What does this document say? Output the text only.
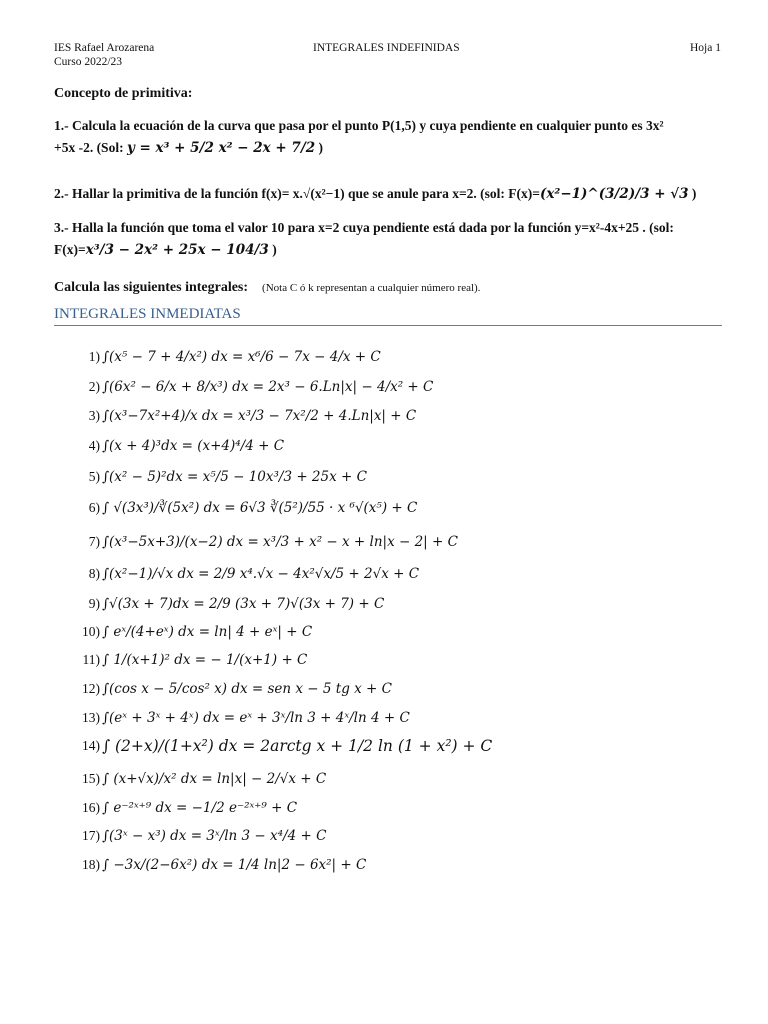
IES Rafael Arozarena
Curso 2022/23
INTEGRALES INDEFINIDAS	Hoja 1
Concepto de primitiva:
1.- Calcula la ecuación de la curva que pasa por el punto P(1,5) y cuya pendiente en cualquier punto es 3x²
+5x -2. (Sol: y = x³ + 5/2 x² − 2x + 7/2 )
2.- Hallar la primitiva de la función f(x)= x.√(x²−1) que se anule para x=2. (sol: F(x)=(x²−1)^(3/2)/3 + √3 )
3.- Halla la función que toma el valor 10 para x=2 cuya pendiente está dada por la función y=x²-4x+25 . (sol:
F(x)=x³/3 − 2x² + 25x − 104/3 )
Calcula las siguientes integrales: (Nota C ó k representan a cualquier número real).
INTEGRALES INMEDIATAS
1) ∫(x⁵ − 7 + 4/x²) dx = x⁶/6 − 7x − 4/x + C
2) ∫(6x² − 6/x + 8/x³) dx = 2x³ − 6.Ln|x| − 4/x² + C
3) ∫(x³−7x²+4)/x dx = x³/3 − 7x²/2 + 4.Ln|x| + C
4) ∫(x + 4)³dx = (x+4)⁴/4 + C
5) ∫(x² − 5)²dx = x⁵/5 − 10x³/3 + 25x + C
6) ∫ √(3x³)/∛(5x²) dx = 6√3 ∛(5²)/55 · x ⁶√(x⁵) + C
7) ∫(x³−5x+3)/(x−2) dx = x³/3 + x² − x + ln|x − 2| + C
8) ∫(x²−1)/√x dx = 2/9 x⁴.√x − 4x²√x/5 + 2√x + C
9) ∫√(3x + 7)dx = 2/9 (3x + 7)√(3x + 7) + C
10) ∫ eˣ/(4+eˣ) dx = ln| 4 + eˣ| + C
11) ∫ 1/(x+1)² dx = − 1/(x+1) + C
12) ∫(cos x − 5/cos² x) dx = sen x − 5 tg x + C
13) ∫(eˣ + 3ˣ + 4ˣ) dx = eˣ + 3ˣ/ln 3 + 4ˣ/ln 4 + C
14) ∫ (2+x)/(1+x²) dx = 2arctg x + 1/2 ln (1 + x²) + C
15) ∫ (x+√x)/x² dx = ln|x| − 2/√x + C
16) ∫ e⁻²ˣ⁺⁹ dx = −1/2 e⁻²ˣ⁺⁹ + C
17) ∫(3ˣ − x³) dx = 3ˣ/ln 3 − x⁴/4 + C
18) ∫ −3x/(2−6x²) dx = 1/4 ln|2 − 6x²| + C
